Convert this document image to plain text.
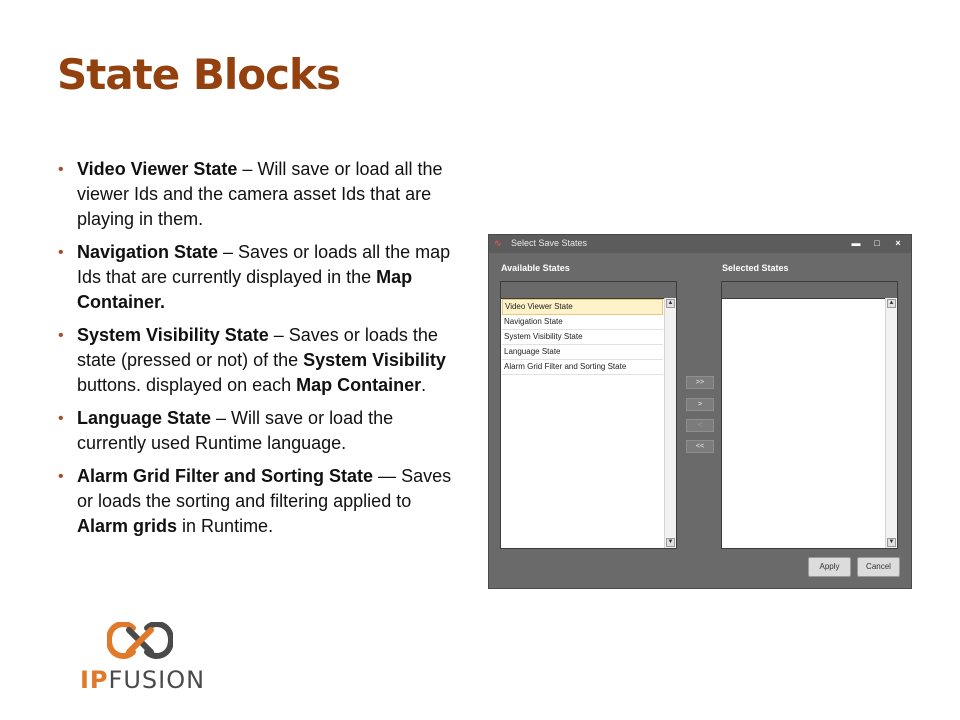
State Blocks
• Video Viewer State – Will save or load all the viewer Ids and the camera asset Ids that are playing in them.
• Navigation State – Saves or loads all the map Ids that are currently displayed in the Map Container.
• System Visibility State – Saves or loads the state (pressed or not) of the System Visibility buttons. displayed on each Map Container.
• Language State – Will save or load the currently used Runtime language.
• Alarm Grid Filter and Sorting State — Saves or loads the sorting and filtering applied to Alarm grids in Runtime.
∿	Select Save States	▬	□	×
Available States	Selected States
Video Viewer State
Navigation State
System Visibility State
Language State
Alarm Grid Filter and Sorting State
▲
▼
▲
▼
>>
>
<
<<
Apply	Cancel
IPFUSION
